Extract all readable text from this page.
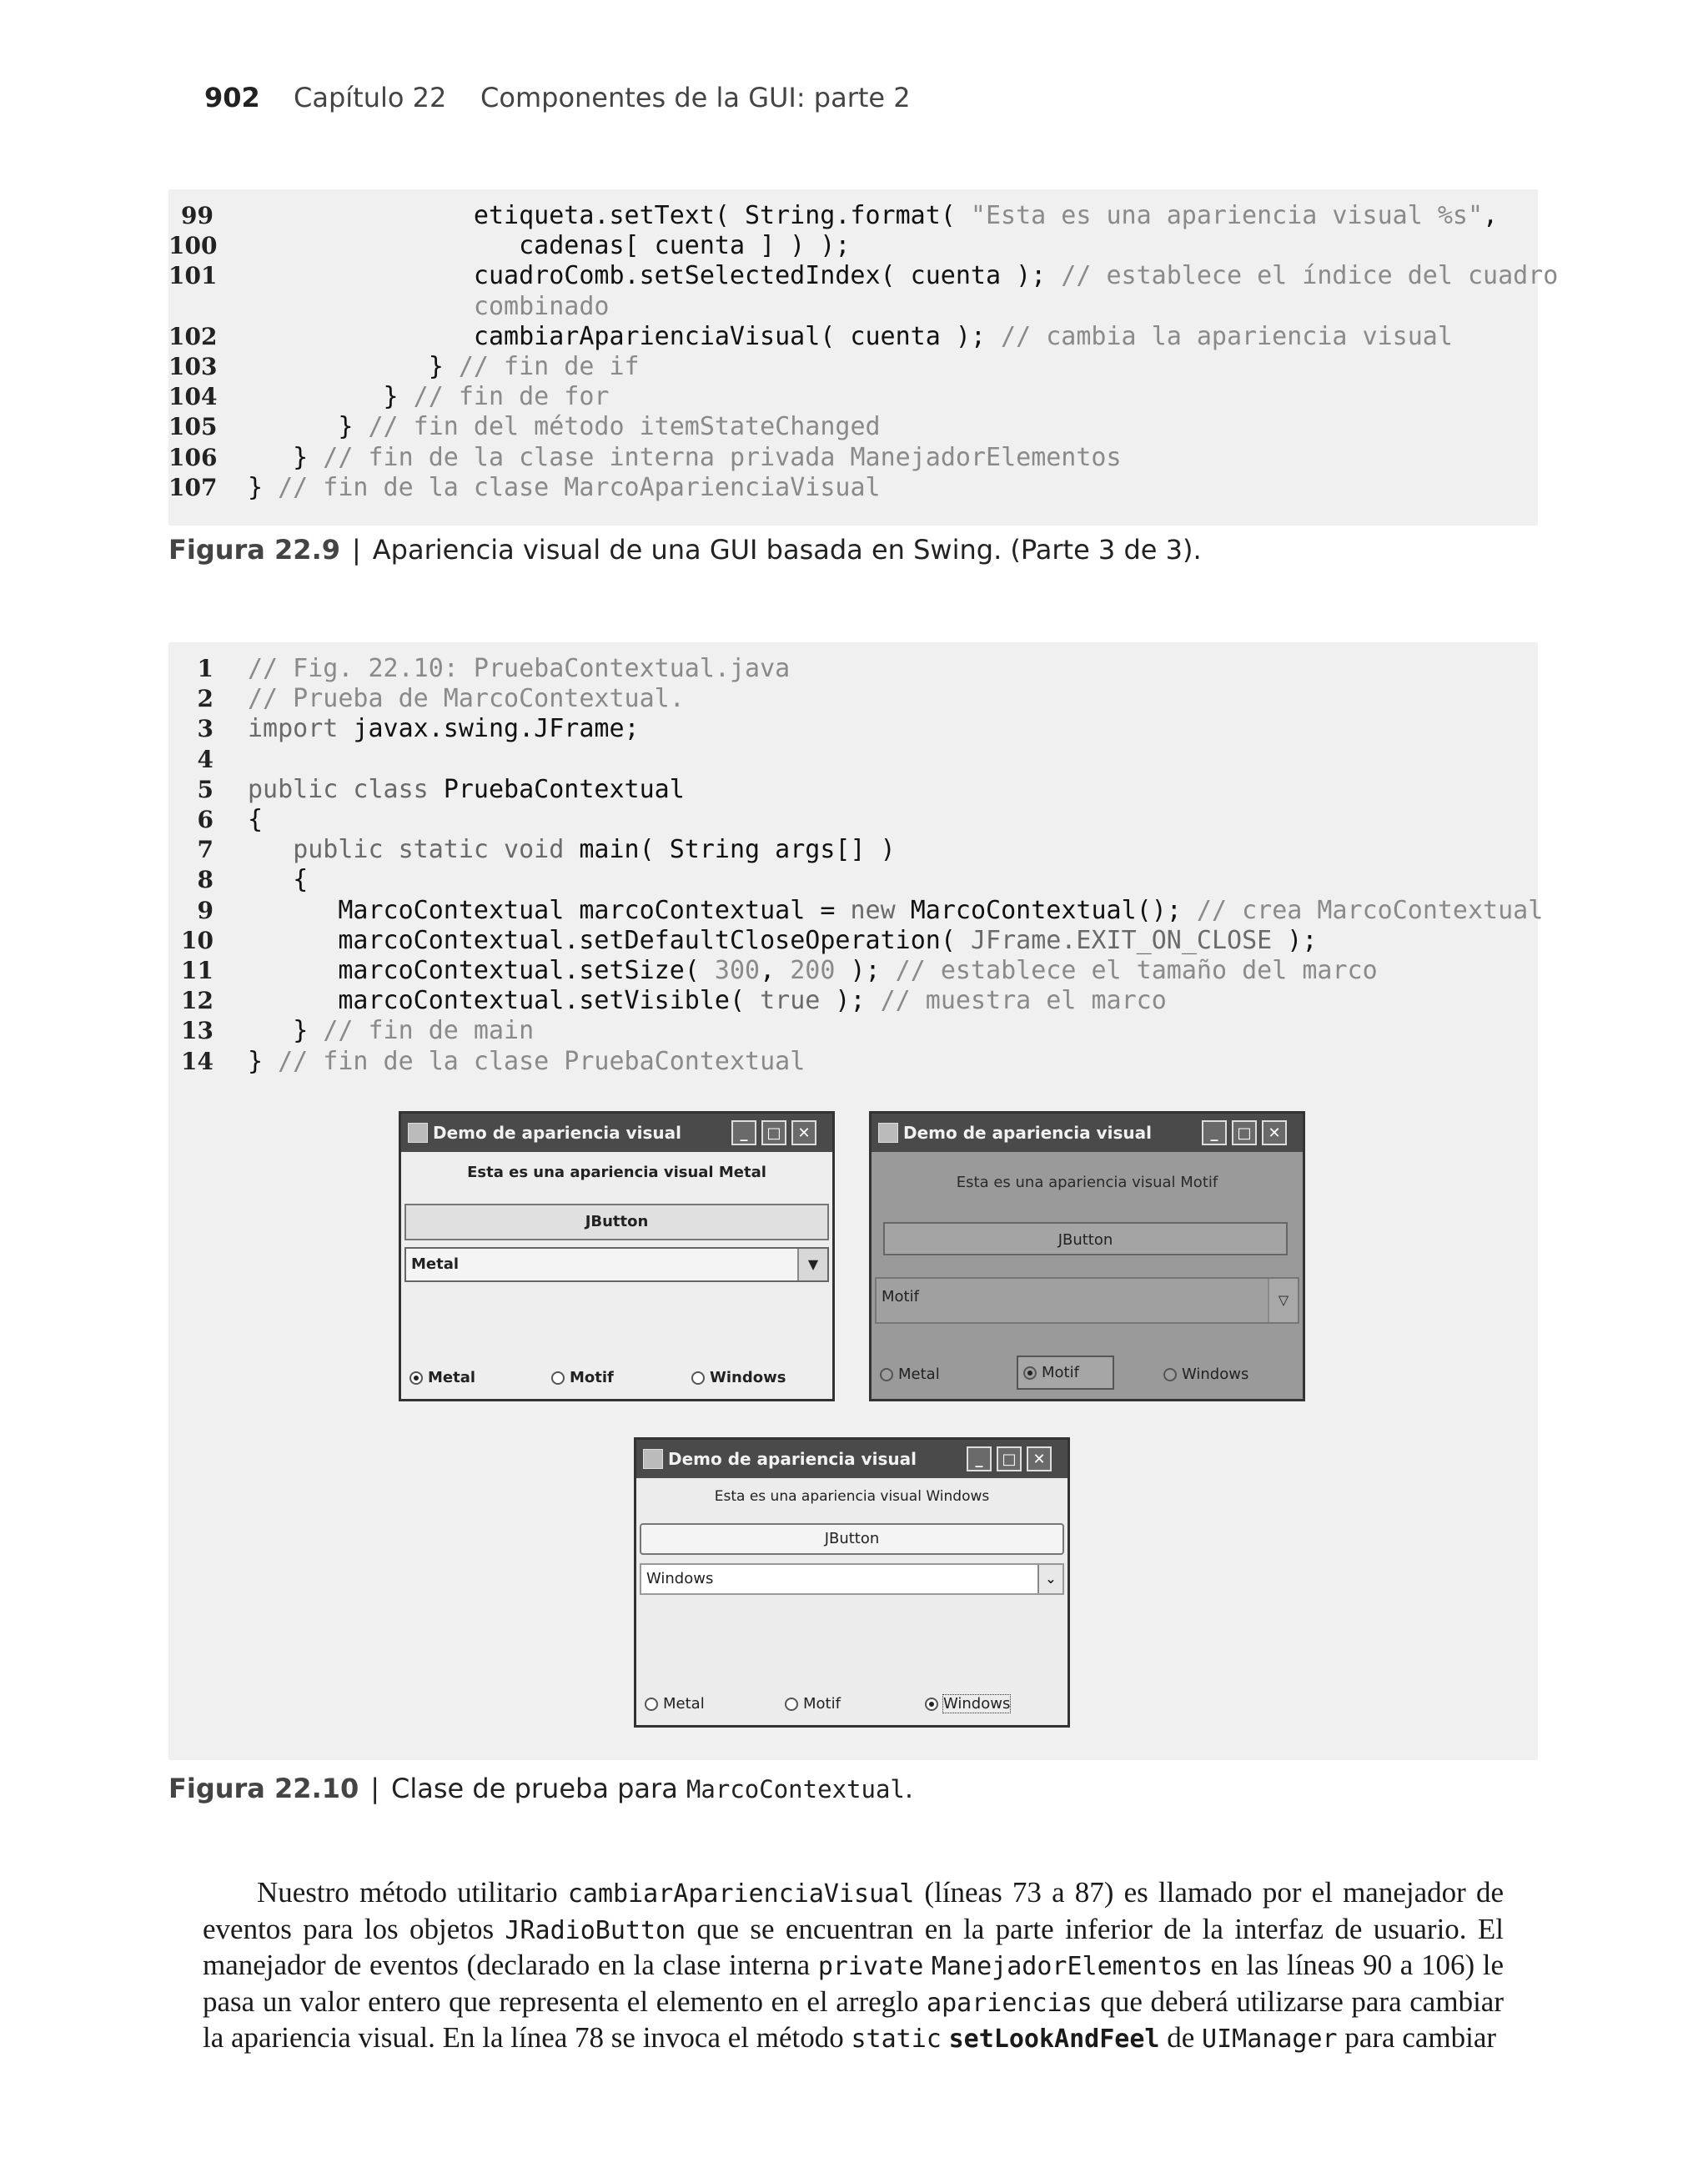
902 Capítulo 22    Componentes de la GUI: parte 2
99	etiqueta.setText( String.format( "Esta es una apariencia visual %s",
100	cadenas[ cuenta ] ) );
101	cuadroComb.setSelectedIndex( cuenta ); // establece el índice del cuadro
combinado
102	cambiarAparienciaVisual( cuenta ); // cambia la apariencia visual
103	} // fin de if
104	} // fin de for
105	} // fin del método itemStateChanged
106	} // fin de la clase interna privada ManejadorElementos
107 } // fin de la clase MarcoAparienciaVisual
Figura 22.9 | Apariencia visual de una GUI basada en Swing. (Parte 3 de 3).
1 // Fig. 22.10: PruebaContextual.java
2 // Prueba de MarcoContextual.
3 import javax.swing.JFrame;
4
5 public class PruebaContextual
6 {
7	public static void main( String args[] )
8	{
9	MarcoContextual marcoContextual = new MarcoContextual(); // crea MarcoContextual
10	marcoContextual.setDefaultCloseOperation( JFrame.EXIT_ON_CLOSE );
11	marcoContextual.setSize( 300, 200 ); // establece el tamaño del marco
12	marcoContextual.setVisible( true ); // muestra el marco
13	} // fin de main
14 } // fin de la clase PruebaContextual
Demo de apariencia visual	_	□	✕
Esta es una apariencia visual Metal
JButton
Metal	▼
Metal	Motif	Windows
Demo de apariencia visual	_	□	✕
Esta es una apariencia visual Motif
JButton
Motif	▽
Metal	Motif	Windows
Demo de apariencia visual	_	□	✕
Esta es una apariencia visual Windows
JButton
Windows	⌄
Metal	Motif	Windows
Figura 22.10 | Clase de prueba para MarcoContextual.
Nuestro método utilitario cambiarAparienciaVisual (líneas 73 a 87) es llamado por el manejador de eventos para los objetos JRadioButton que se encuentran en la parte inferior de la interfaz de usuario. El manejador de eventos (declarado en la clase interna private ManejadorElementos en las líneas 90 a 106) le pasa un valor entero que representa el elemento en el arreglo apariencias que deberá utilizarse para cambiar la apariencia visual. En la línea 78 se invoca el método static setLookAndFeel de UIManager para cambiar
